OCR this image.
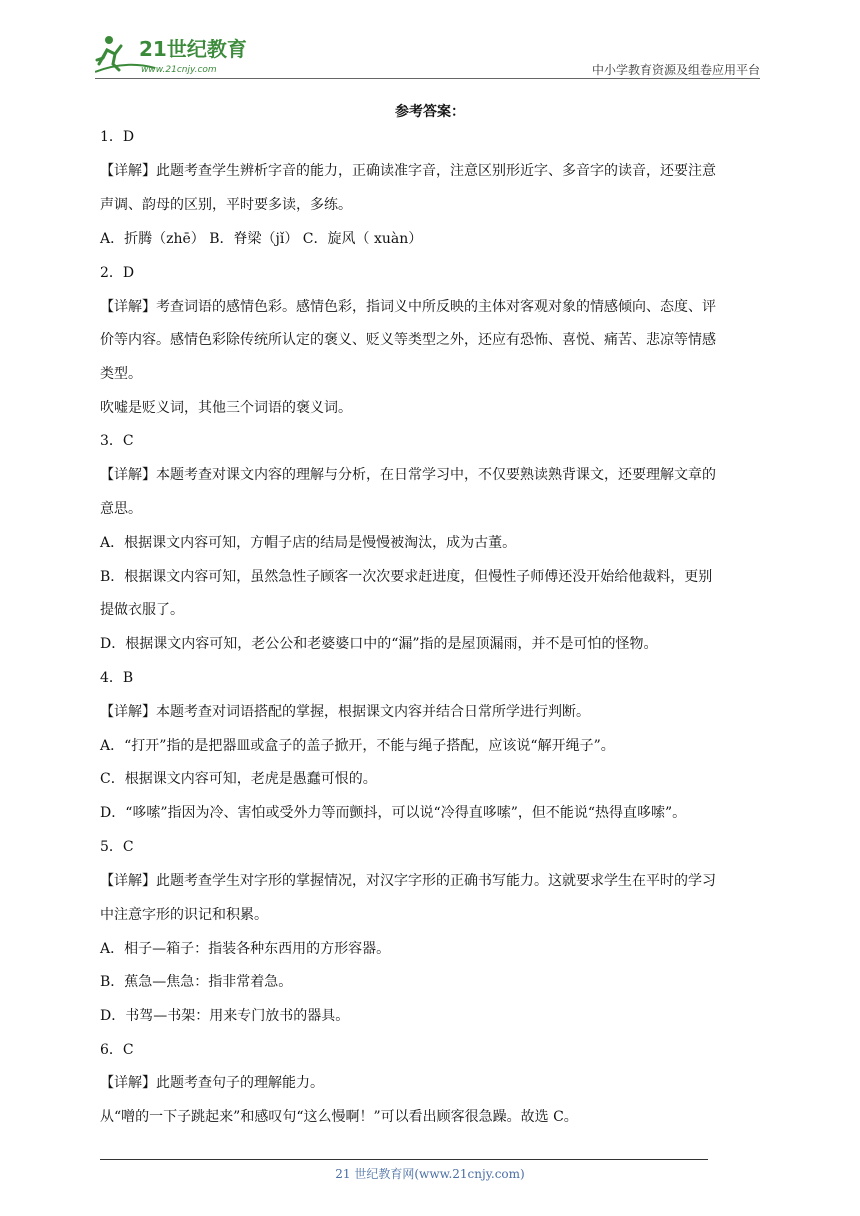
21世纪教育
www.21cnjy.com	中小学教育资源及组卷应用平台
参考答案：
1．D
【详解】此题考查学生辨析字音的能力，正确读准字音，注意区别形近字、多音字的读音，还要注意
声调、韵母的区别，平时要多读，多练。
A．折腾（zhē） B．脊梁（jǐ） C．旋风（ xuàn）
2．D
【详解】考查词语的感情色彩。感情色彩，指词义中所反映的主体对客观对象的情感倾向、态度、评
价等内容。感情色彩除传统所认定的褒义、贬义等类型之外，还应有恐怖、喜悦、痛苦、悲凉等情感
类型。
吹嘘是贬义词，其他三个词语的褒义词。
3．C
【详解】本题考查对课文内容的理解与分析，在日常学习中，不仅要熟读熟背课文，还要理解文章的
意思。
A．根据课文内容可知，方帽子店的结局是慢慢被淘汰，成为古董。
B．根据课文内容可知，虽然急性子顾客一次次要求赶进度，但慢性子师傅还没开始给他裁料，更别
提做衣服了。
D．根据课文内容可知，老公公和老婆婆口中的“漏”指的是屋顶漏雨，并不是可怕的怪物。
4．B
【详解】本题考查对词语搭配的掌握，根据课文内容并结合日常所学进行判断。
A．“打开”指的是把器皿或盒子的盖子掀开，不能与绳子搭配，应该说“解开绳子”。
C．根据课文内容可知，老虎是愚蠢可恨的。
D．“哆嗦”指因为冷、害怕或受外力等而颤抖，可以说“冷得直哆嗦”，但不能说“热得直哆嗦”。
5．C
【详解】此题考查学生对字形的掌握情况，对汉字字形的正确书写能力。这就要求学生在平时的学习
中注意字形的识记和积累。
A．相子—箱子：指装各种东西用的方形容器。
B．蕉急—焦急：指非常着急。
D．书驾—书架：用来专门放书的器具。
6．C
【详解】此题考查句子的理解能力。
从“噌的一下子跳起来”和感叹句“这么慢啊！”可以看出顾客很急躁。故选 C。
21 世纪教育网(www.21cnjy.com)
